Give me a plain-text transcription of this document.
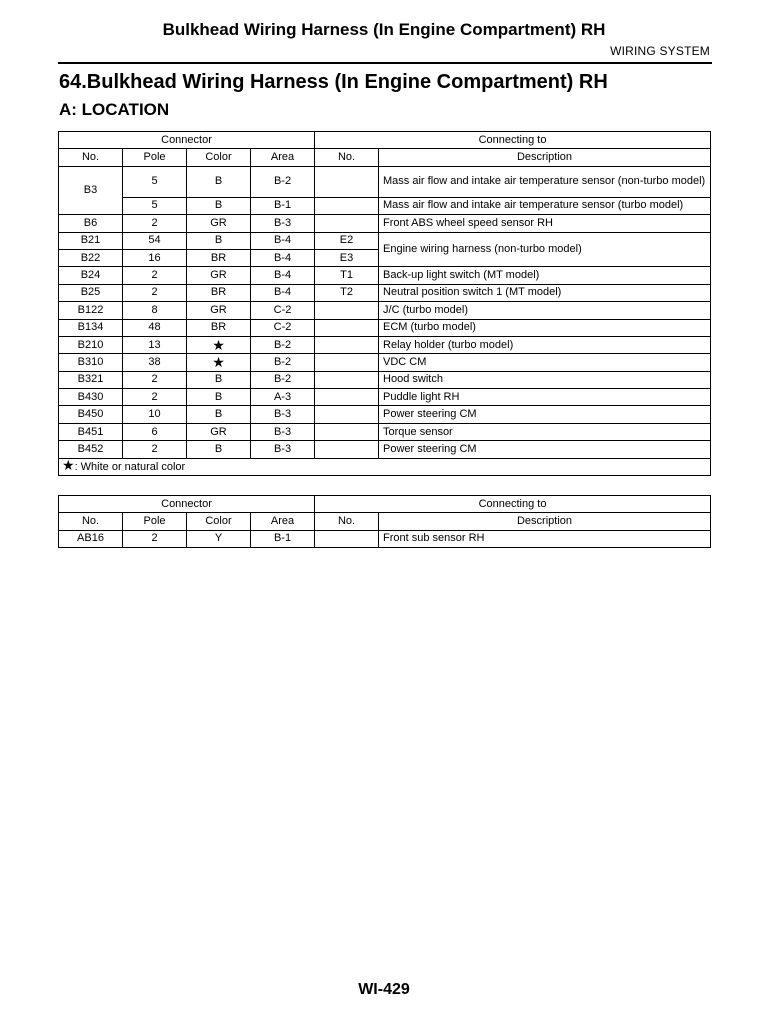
Bulkhead Wiring Harness (In Engine Compartment) RH
WIRING SYSTEM
64.Bulkhead Wiring Harness (In Engine Compartment) RH
A: LOCATION
Connector				Connecting to	
No.	Pole	Color	Area	No.	Description
B3	5	B	B-2		Mass air flow and intake air temperature sensor (non-turbo model)
	5	B	B-1		Mass air flow and intake air temperature sensor (turbo model)
B6	2	GR	B-3		Front ABS wheel speed sensor RH
B21	54	B	B-4	E2	Engine wiring harness (non-turbo model)
B22	16	BR	B-4	E3	
B24	2	GR	B-4	T1	Back-up light switch (MT model)
B25	2	BR	B-4	T2	Neutral position switch 1 (MT model)
B122	8	GR	C-2		J/C (turbo model)
B134	48	BR	C-2		ECM (turbo model)
B210	13	★	B-2		Relay holder (turbo model)
B310	38	★	B-2		VDC CM
B321	2	B	B-2		Hood switch
B430	2	B	A-3		Puddle light RH
B450	10	B	B-3		Power steering CM
B451	6	GR	B-3		Torque sensor
B452	2	B	B-3		Power steering CM
★: White or natural color					
Connector				Connecting to	
No.	Pole	Color	Area	No.	Description
AB16	2	Y	B-1		Front sub sensor RH
WI-429
